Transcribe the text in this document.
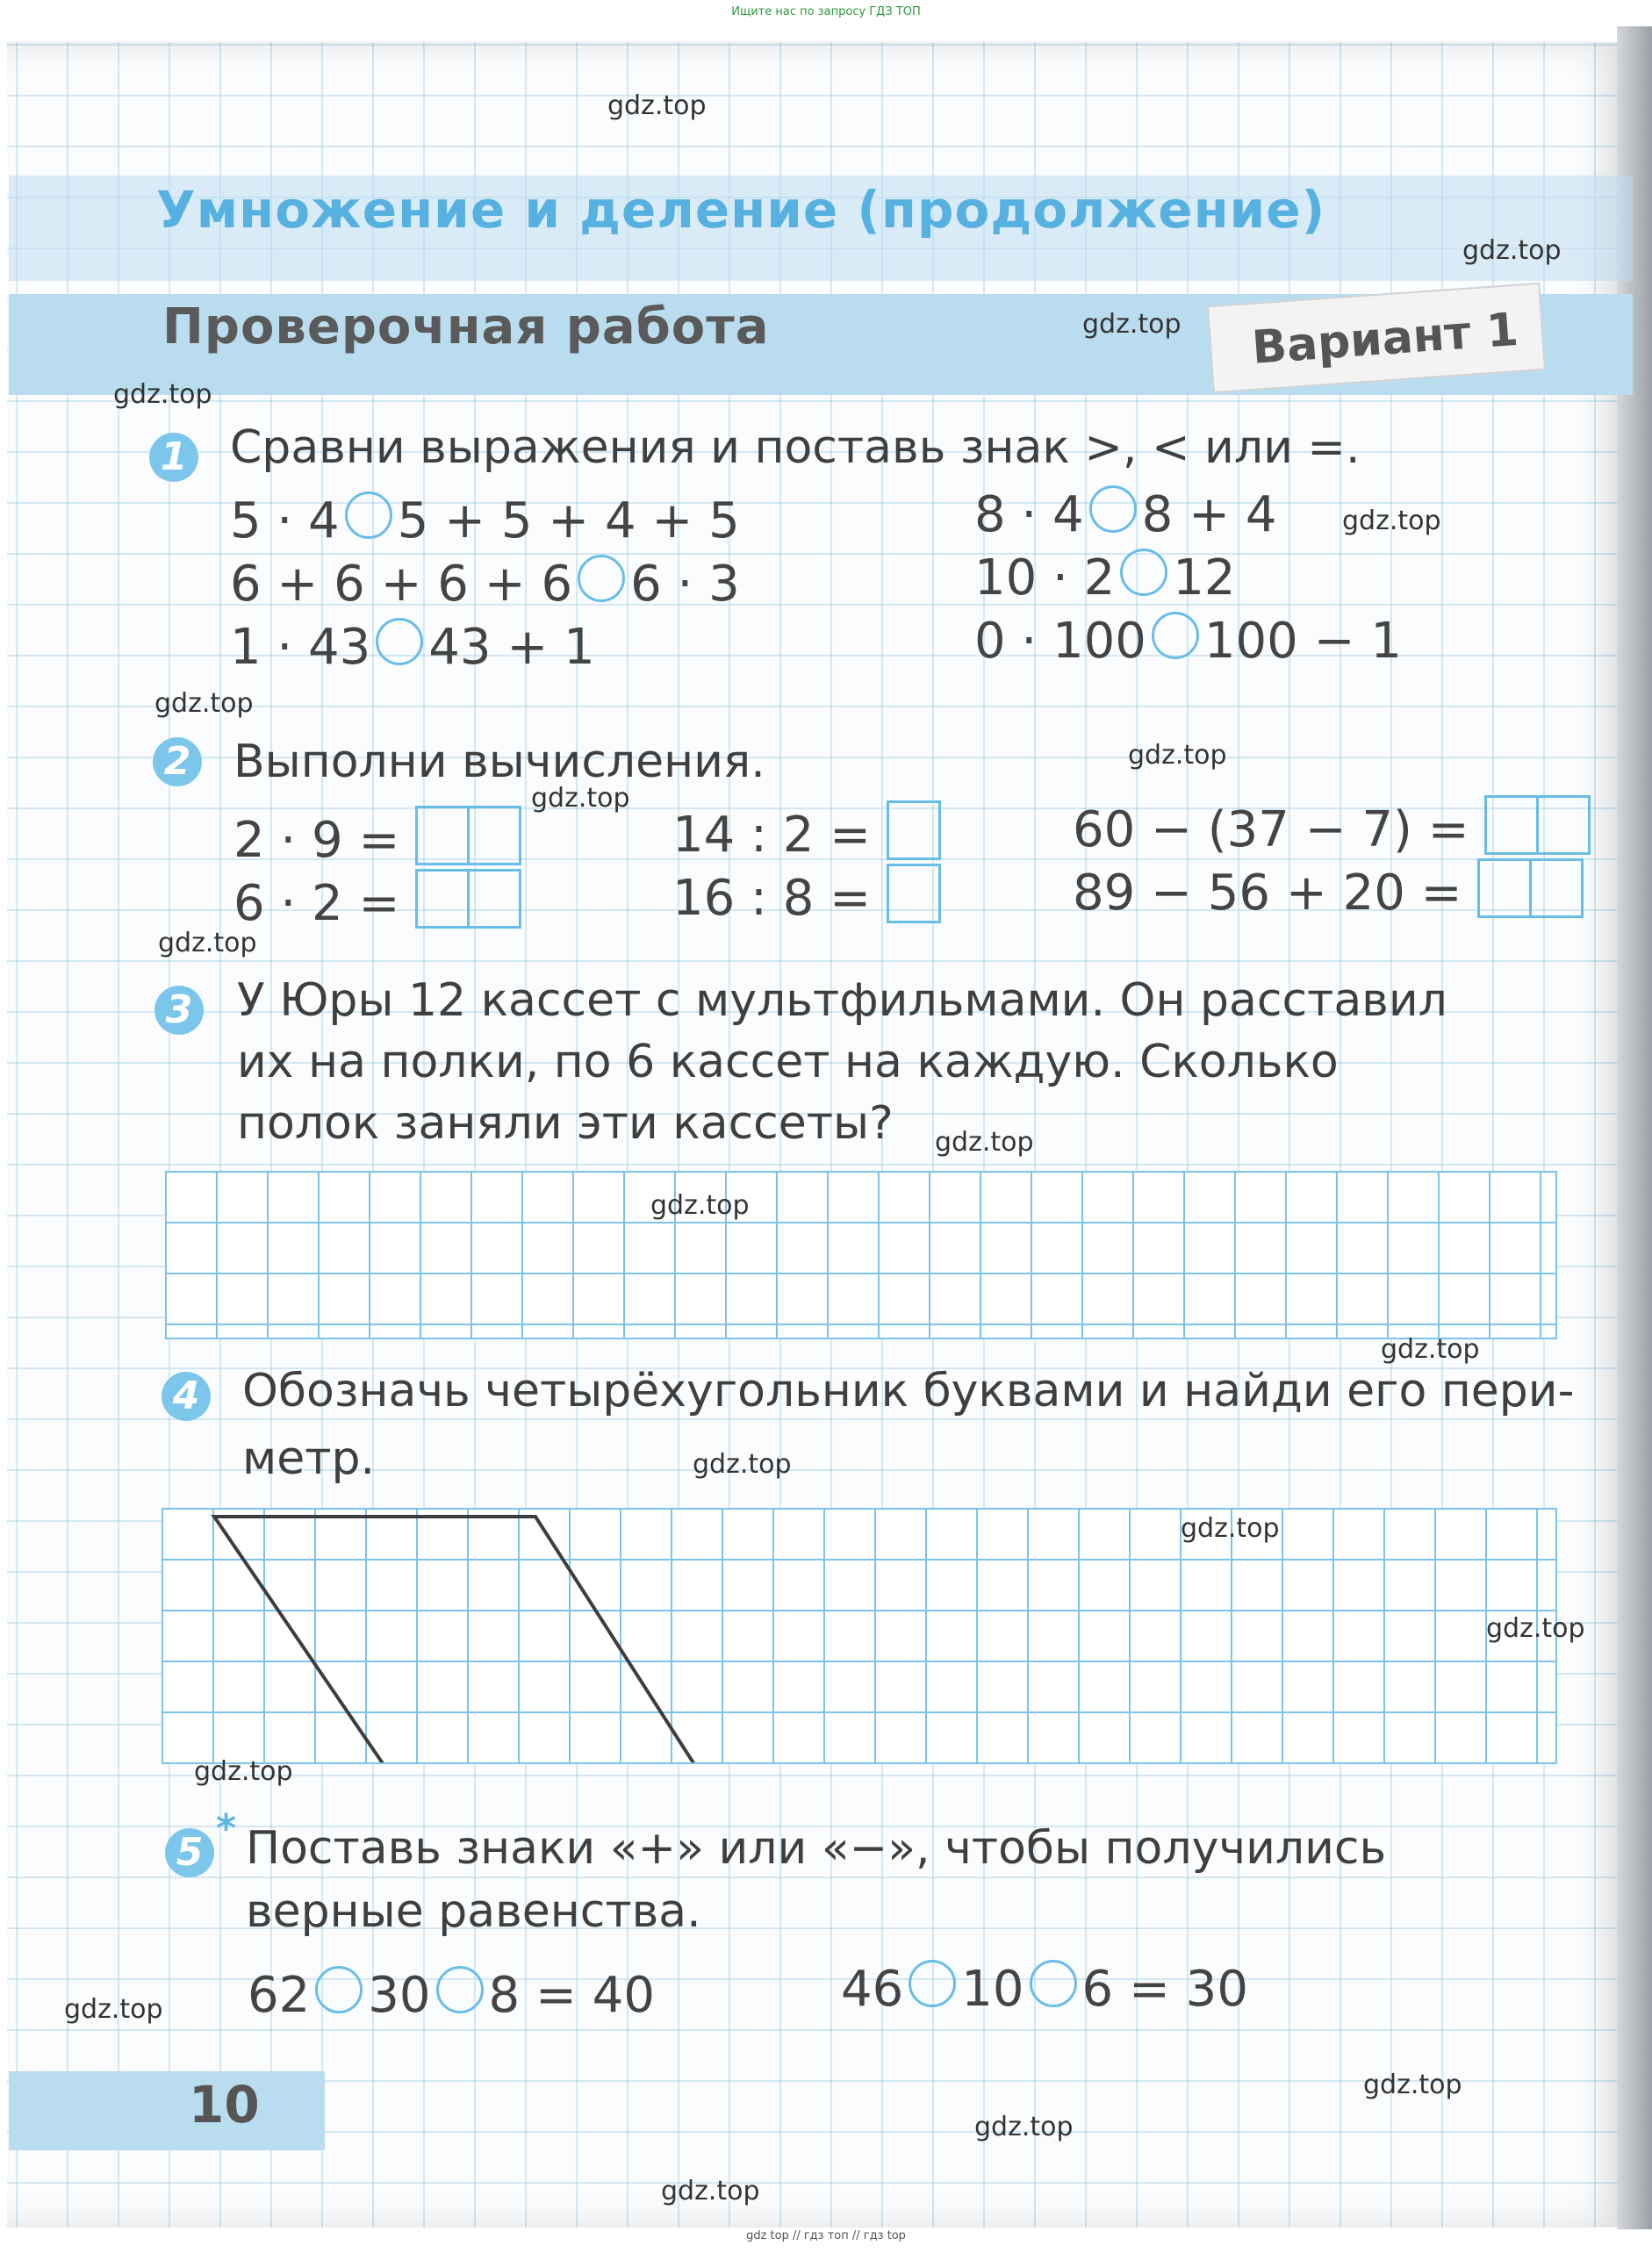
Ищите нас по запросу ГДЗ ТОП
Умножение и деление (продолжение)
Проверочная работа	Вариант 1
1 Сравни выражения и поставь знак >, < или =.
5 · 4 5 + 5 + 4 + 5
6 + 6 + 6 + 6 6 · 3
1 · 43 43 + 1
8 · 4 8 + 4
10 · 2 12
0 · 100 100 − 1
2 Выполни вычисления.
2 · 9 =
6 · 2 =
14 : 2 =
16 : 8 =
60 − (37 − 7) =
89 − 56 + 20 =
3 У Юры 12 кассет с мультфильмами. Он расставил
их на полки, по 6 кассет на каждую. Сколько
полок заняли эти кассеты?
4 Обозначь четырёхугольник буквами и найди его пери-
метр.
5
* Поставь знаки «+» или «−», чтобы получились
верные равенства.
62 30 8 = 40	46 10 6 = 30
10
gdz.top
gdz.top
gdz.top
gdz.top
gdz.top
gdz.top
gdz.top
gdz.top
gdz.top
gdz.top
gdz.top
gdz.top
gdz.top
gdz.top
gdz.top
gdz.top
gdz.top
gdz.top
gdz.top
gdz.top
gdz top // гдз топ // гдз top
